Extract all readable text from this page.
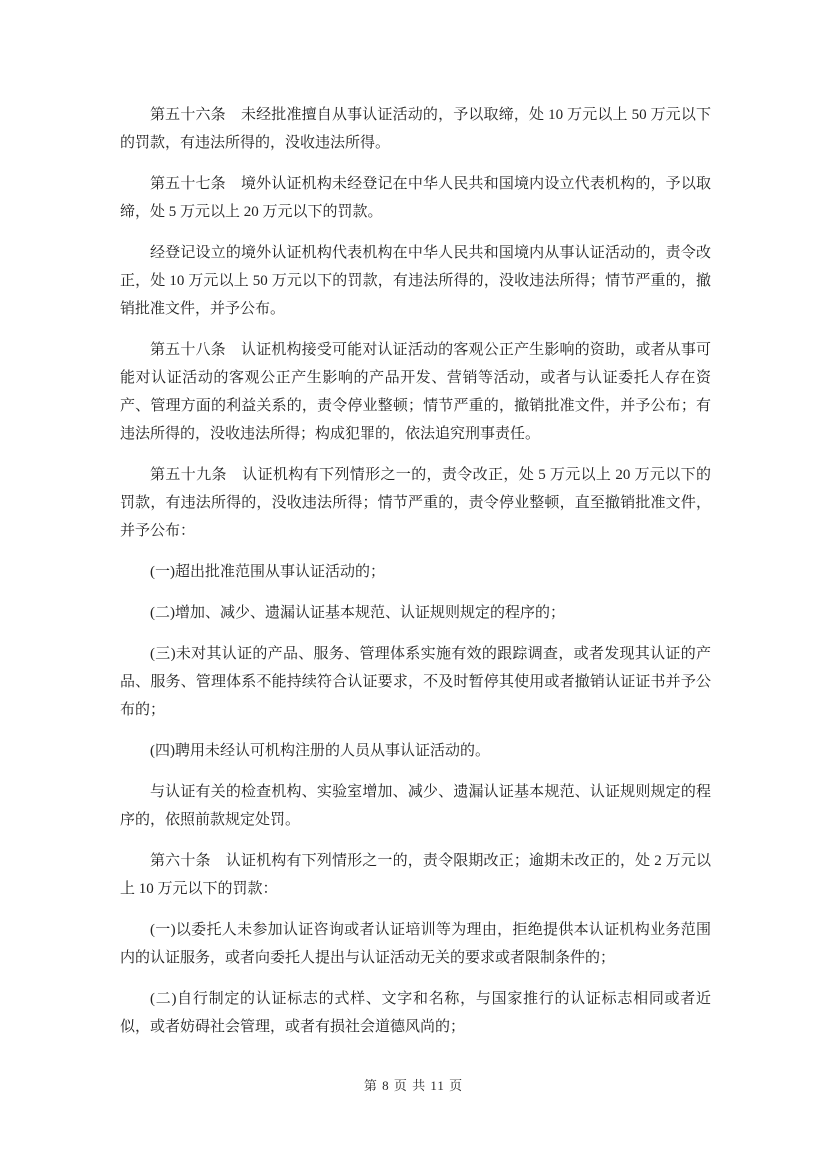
第五十六条　未经批准擅自从事认证活动的，予以取缔，处 10 万元以上 50 万元以下的罚款，有违法所得的，没收违法所得。

第五十七条　境外认证机构未经登记在中华人民共和国境内设立代表机构的，予以取缔，处 5 万元以上 20 万元以下的罚款。

经登记设立的境外认证机构代表机构在中华人民共和国境内从事认证活动的，责令改正，处 10 万元以上 50 万元以下的罚款，有违法所得的，没收违法所得；情节严重的，撤销批准文件，并予公布。

第五十八条　认证机构接受可能对认证活动的客观公正产生影响的资助，或者从事可能对认证活动的客观公正产生影响的产品开发、营销等活动，或者与认证委托人存在资产、管理方面的利益关系的，责令停业整顿；情节严重的，撤销批准文件，并予公布；有违法所得的，没收违法所得；构成犯罪的，依法追究刑事责任。

第五十九条　认证机构有下列情形之一的，责令改正，处 5 万元以上 20 万元以下的罚款，有违法所得的，没收违法所得；情节严重的，责令停业整顿，直至撤销批准文件，并予公布：

(一)超出批准范围从事认证活动的；

(二)增加、减少、遗漏认证基本规范、认证规则规定的程序的；

(三)未对其认证的产品、服务、管理体系实施有效的跟踪调查，或者发现其认证的产品、服务、管理体系不能持续符合认证要求，不及时暂停其使用或者撤销认证证书并予公布的；

(四)聘用未经认可机构注册的人员从事认证活动的。

与认证有关的检查机构、实验室增加、减少、遗漏认证基本规范、认证规则规定的程序的，依照前款规定处罚。

第六十条　认证机构有下列情形之一的，责令限期改正；逾期未改正的，处 2 万元以上 10 万元以下的罚款：

(一)以委托人未参加认证咨询或者认证培训等为理由，拒绝提供本认证机构业务范围内的认证服务，或者向委托人提出与认证活动无关的要求或者限制条件的；

(二)自行制定的认证标志的式样、文字和名称，与国家推行的认证标志相同或者近似，或者妨碍社会管理，或者有损社会道德风尚的；

第 8 页 共 11 页
